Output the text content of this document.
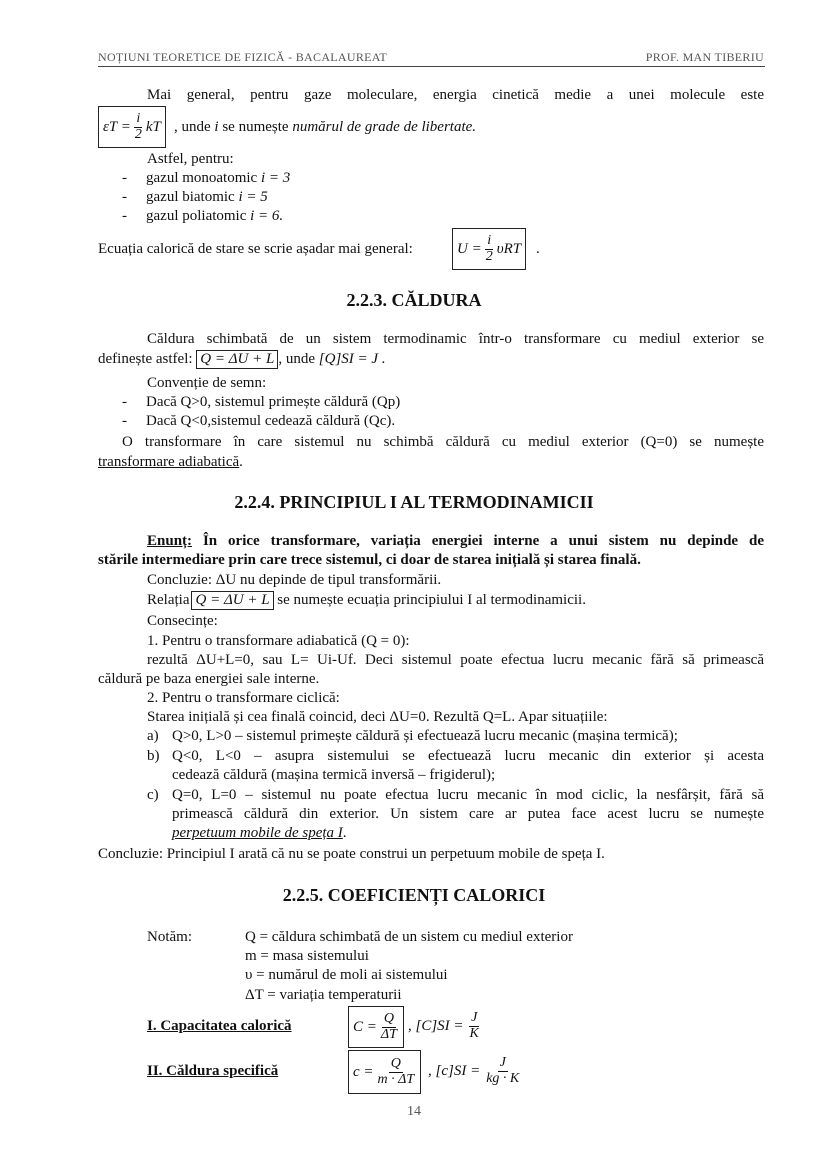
NOȚIUNI TEORETICE DE FIZICĂ - BACALAUREAT	PROF. MAN TIBERIU
Mai general, pentru gaze moleculare, energia cinetică medie a unei molecule este
$\varepsilon T = \frac{i}{2}$ kT , unde i se numește numărul de grade de libertate.
Astfel, pentru:
- gazul monoatomic i = 3
- gazul biatomic i = 5
- gazul poliatomic i = 6.
Ecuația calorică de stare se scrie așadar mai general:	$U = \frac{i}{2}$ υRT .
2.2.3. CĂLDURA
Căldura schimbată de un sistem termodinamic într-o transformare cu mediul exterior se
definește astfel: Q = ΔU + L , unde [Q]SI = J .
Convenție de semn:
- Dacă Q>0, sistemul primește căldură (Qp)
- Dacă Q<0,sistemul cedează căldură (Qc).
O transformare în care sistemul nu schimbă căldură cu mediul exterior (Q=0) se numește
transformare adiabatică.
2.2.4. PRINCIPIUL I AL TERMODINAMICII
Enunț: În orice transformare, variația energiei interne a unui sistem nu depinde de
stările intermediare prin care trece sistemul, ci doar de starea inițială și starea finală.
Concluzie: ΔU nu depinde de tipul transformării.
Relația Q = ΔU + L se numește ecuația principiului I al termodinamicii.
Consecințe:
1. Pentru o transformare adiabatică (Q = 0):
rezultă ΔU+L=0, sau L= Ui-Uf. Deci sistemul poate efectua lucru mecanic fără să primească
căldură pe baza energiei sale interne.
2. Pentru o transformare ciclică:
Starea inițială și cea finală coincid, deci ΔU=0. Rezultă Q=L. Apar situațiile:
a) Q>0, L>0 – sistemul primește căldură și efectuează lucru mecanic (mașina termică);
b) Q<0, L<0 – asupra sistemului se efectuează lucru mecanic din exterior și acesta
cedează căldură (mașina termică inversă – frigiderul);
c) Q=0, L=0 – sistemul nu poate efectua lucru mecanic în mod ciclic, la nesfârșit, fără să
primească căldură din exterior. Un sistem care ar putea face acest lucru se numește
perpetuum mobile de speța I.
Concluzie: Principiul I arată că nu se poate construi un perpetuum mobile de speța I.
2.2.5. COEFICIENȚI CALORICI
Notăm:	Q = căldura schimbată de un sistem cu mediul exterior
m = masa sistemului
υ = numărul de moli ai sistemului
ΔT = variația temperaturii
I. Capacitatea calorică	$C = \frac{Q}{\Delta T}$ , $[C]SI = \frac{J}{K}$
II. Căldura specifică	$c = \frac{Q}{m \cdot \Delta T}$ , $[c]SI = \frac{J}{kg \cdot K}$
14
